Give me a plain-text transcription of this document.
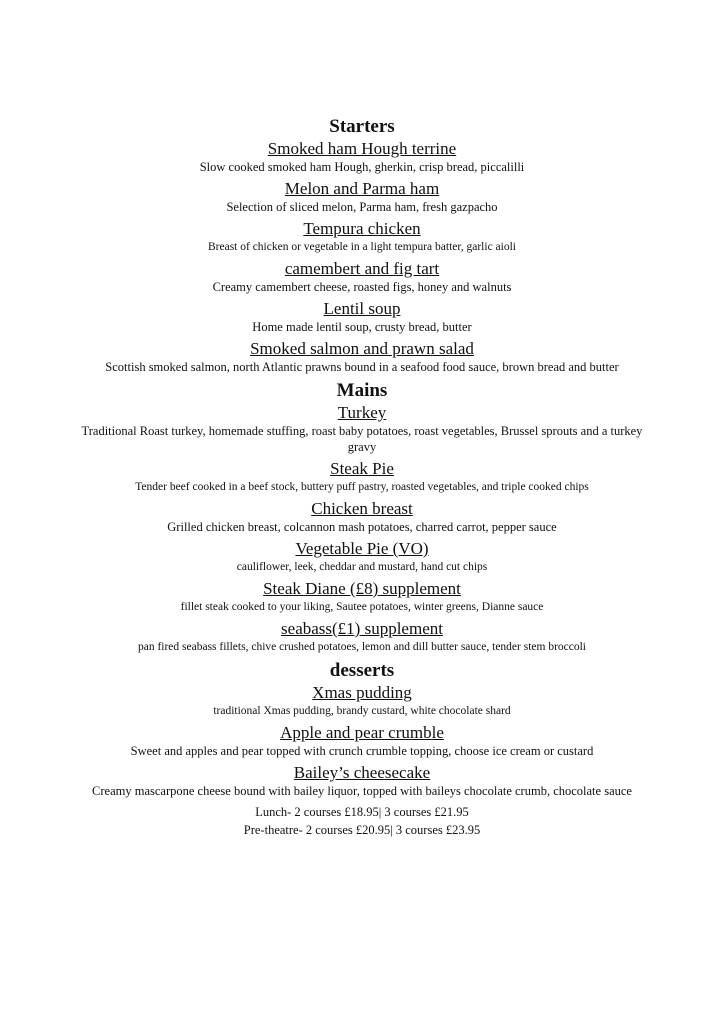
Starters

Smoked ham Hough terrine

Slow cooked smoked ham Hough, gherkin, crisp bread, piccalilli

Melon and Parma ham

Selection of sliced melon, Parma ham, fresh gazpacho

Tempura chicken

Breast of chicken or vegetable in a light tempura batter, garlic aioli

camembert and fig tart

Creamy camembert cheese, roasted figs, honey and walnuts

Lentil soup

Home made lentil soup, crusty bread, butter

Smoked salmon and prawn salad

Scottish smoked salmon, north Atlantic prawns bound in a seafood food sauce, brown bread and butter

Mains

Turkey

Traditional Roast turkey, homemade stuffing, roast baby potatoes, roast vegetables, Brussel sprouts and a turkey gravy

Steak Pie

Tender beef cooked in a beef stock, buttery puff pastry, roasted vegetables, and triple cooked chips

Chicken breast

Grilled chicken breast, colcannon mash potatoes, charred carrot, pepper sauce

Vegetable Pie (VO)

cauliflower, leek, cheddar and mustard, hand cut chips

Steak Diane (£8) supplement

fillet steak cooked to your liking, Sautee potatoes, winter greens, Dianne sauce

seabass(£1) supplement

pan fired seabass fillets, chive crushed potatoes, lemon and dill butter sauce, tender stem broccoli

desserts

Xmas pudding

traditional Xmas pudding, brandy custard, white chocolate shard

Apple and pear crumble

Sweet and apples and pear topped with crunch crumble topping, choose ice cream or custard

Bailey’s cheesecake

Creamy mascarpone cheese bound with bailey liquor, topped with baileys chocolate crumb, chocolate sauce

Lunch- 2 courses £18.95| 3 courses £21.95

Pre-theatre- 2 courses £20.95| 3 courses £23.95
